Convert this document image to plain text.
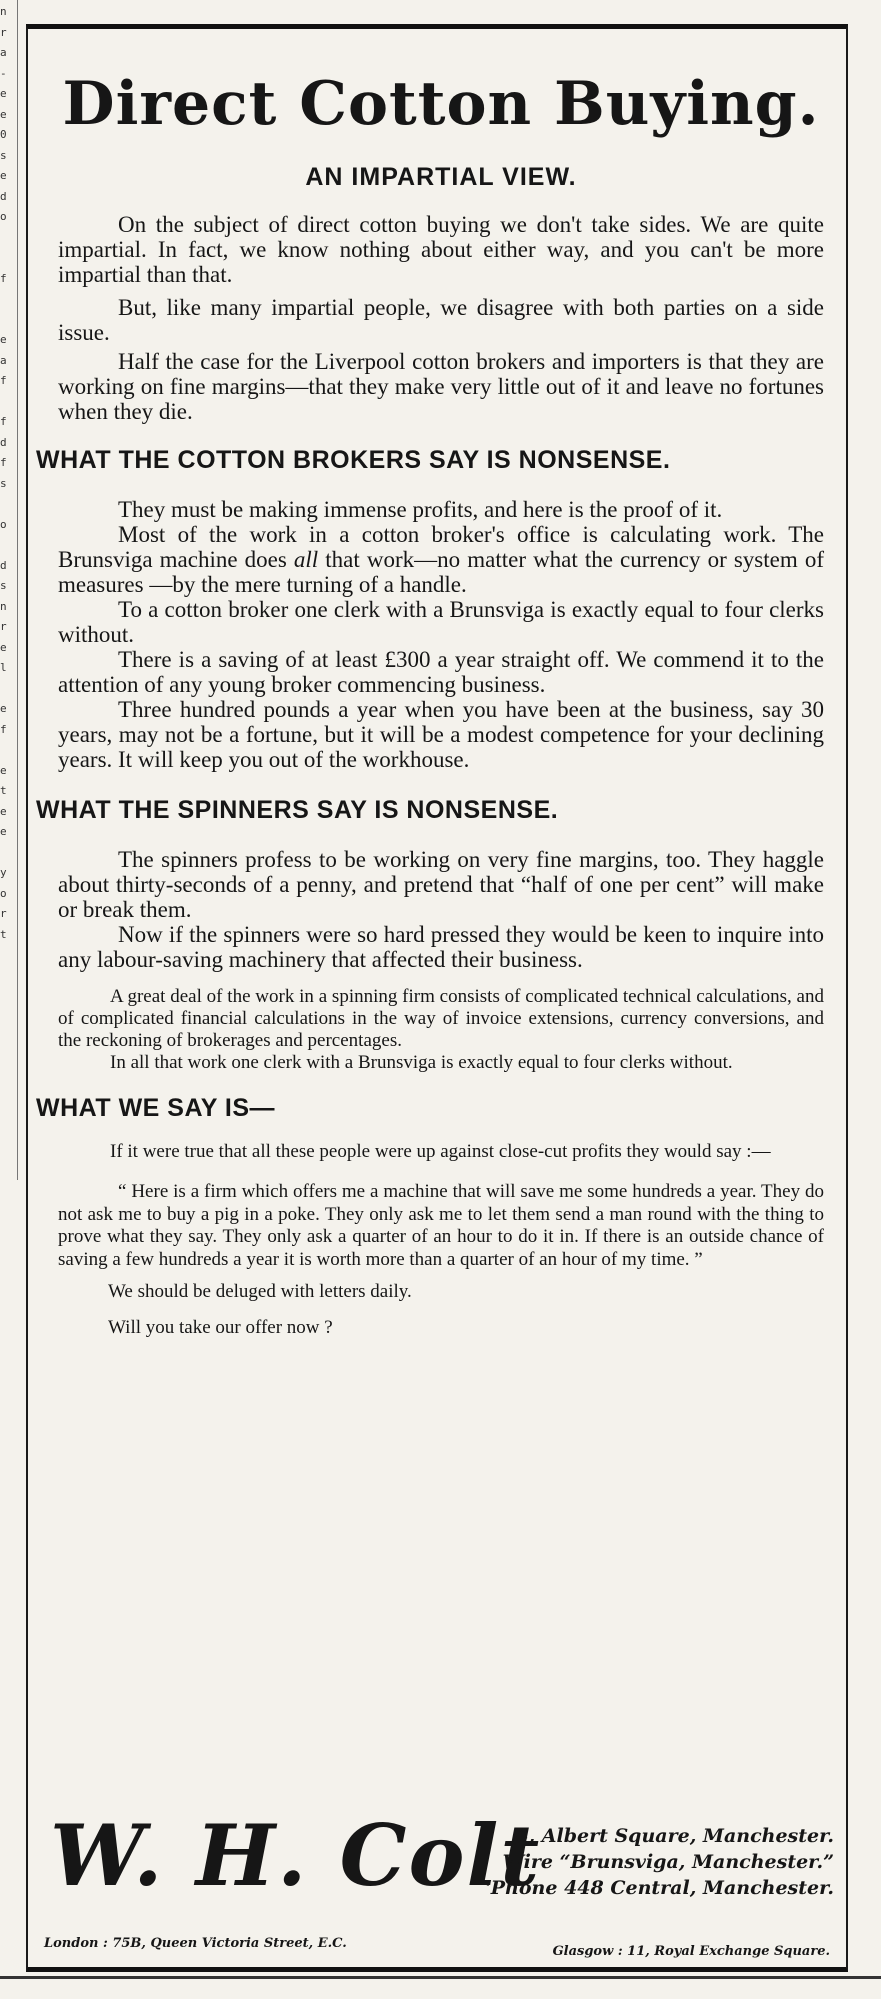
n
r
a
-
e
e
0
s
e
d
o
f
e
a
f
f
d
f
s
o
d
s
n
r
e
l
e
f
e
t
e
e
y
o
r
t
Direct Cotton Buying.
AN IMPARTIAL VIEW.

On the subject of direct cotton buying we don't take sides. We are quite impartial. In fact, we know nothing about either way, and you can't be more impartial than that.

But, like many impartial people, we disagree with both parties on a side issue.

Half the case for the Liverpool cotton brokers and importers is that they are working on fine margins—that they make very little out of it and leave no fortunes when they die.

WHAT THE COTTON BROKERS SAY IS NONSENSE.

They must be making immense profits, and here is the proof of it.

Most of the work in a cotton broker's office is calculating work. The Brunsviga machine does all that work—no matter what the currency or system of measures —by the mere turning of a handle.

To a cotton broker one clerk with a Brunsviga is exactly equal to four clerks without.

There is a saving of at least £300 a year straight off. We commend it to the attention of any young broker commencing business.

Three hundred pounds a year when you have been at the business, say 30 years, may not be a fortune, but it will be a modest competence for your declining years. It will keep you out of the workhouse.

WHAT THE SPINNERS SAY IS NONSENSE.

The spinners profess to be working on very fine margins, too. They haggle about thirty-seconds of a penny, and pretend that “half of one per cent” will make or break them.

Now if the spinners were so hard pressed they would be keen to inquire into any labour-saving machinery that affected their business.

A great deal of the work in a spinning firm consists of complicated technical calculations, and of complicated financial calculations in the way of invoice extensions, currency conversions, and the reckoning of brokerages and percentages.

In all that work one clerk with a Brunsviga is exactly equal to four clerks without.

WHAT WE SAY IS—

If it were true that all these people were up against close-cut profits they would say :—

“ Here is a firm which offers me a machine that will save me some hundreds a year. They do not ask me to buy a pig in a poke. They only ask me to let them send a man round with the thing to prove what they say. They only ask a quarter of an hour to do it in. If there is an outside chance of saving a few hundreds a year it is worth more than a quarter of an hour of my time. ”

We should be deluged with letters daily.
Will you take our offer now ?
W. H. Colt
4, Albert Square, Manchester.
Wire “Brunsviga, Manchester.”
'Phone 448 Central, Manchester.
London : 75B, Queen Victoria Street, E.C.
Glasgow : 11, Royal Exchange Square.
